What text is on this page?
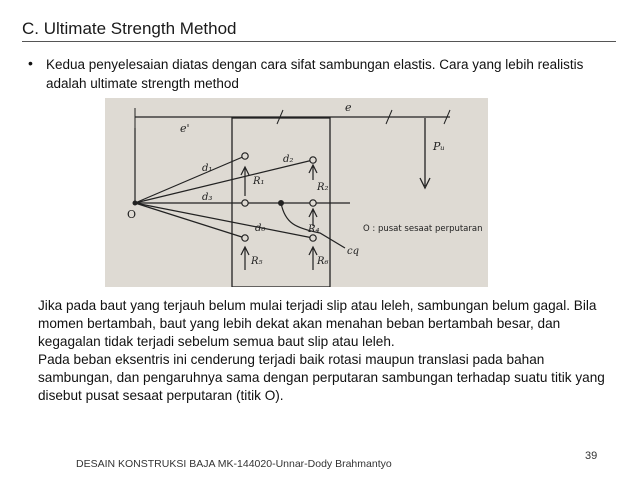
C. Ultimate Strength Method
• Kedua penyelesaian diatas dengan cara sifat sambungan elastis. Cara yang lebih realistis adalah ultimate strength method
e'
e
Pᵤ
O
d₁
d₂
d₃
d₆
R₁
R₂
R₄
R₅	R₆
cq
O : pusat sesaat perputaran

Jika pada baut yang terjauh belum mulai terjadi slip atau leleh, sambungan belum gagal. Bila momen bertambah, baut yang lebih dekat akan menahan beban bertambah besar, dan kegagalan tidak terjadi sebelum semua baut slip atau leleh.

Pada beban eksentris ini cenderung terjadi baik rotasi maupun translasi pada bahan sambungan, dan pengaruhnya sama dengan perputaran sambungan terhadap suatu titik yang disebut pusat sesaat perputaran (titik O).

DESAIN KONSTRUKSI BAJA MK-144020-Unnar-Dody Brahmantyo
39
